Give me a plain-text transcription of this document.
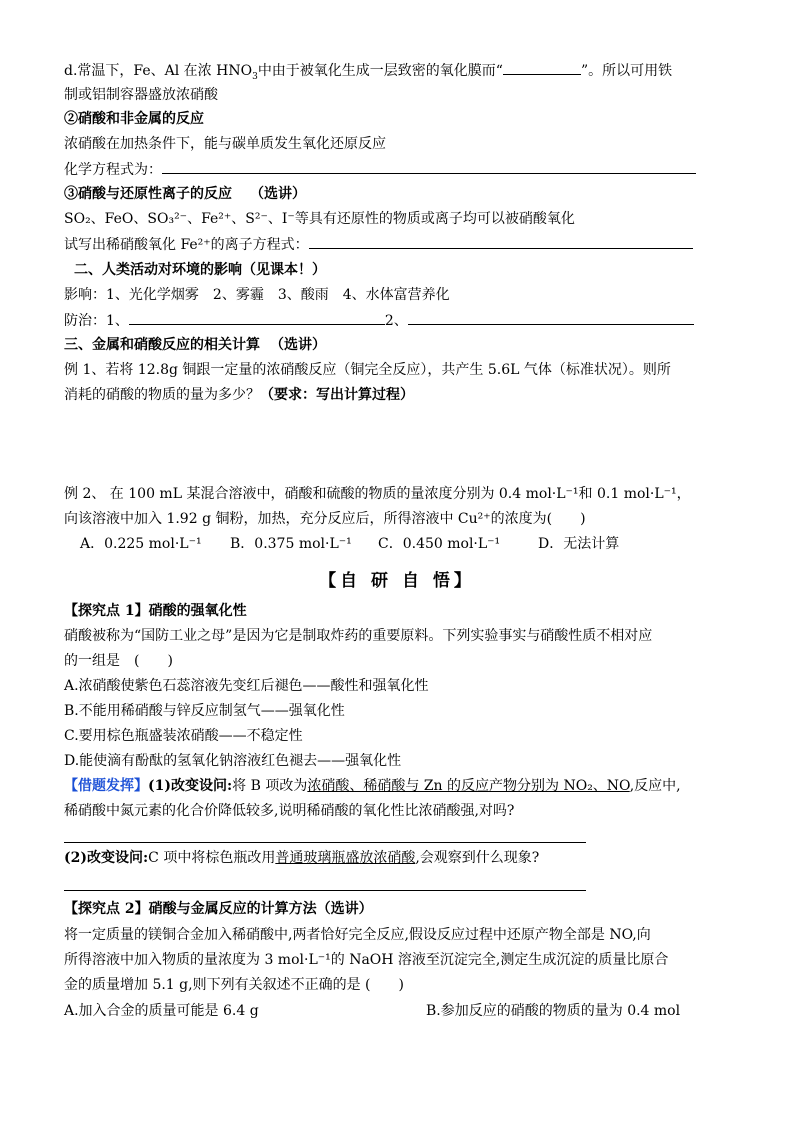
d.常温下，Fe、Al 在浓 $HNO_3$中由于被氧化生成一层致密的氧化膜而“	”。所以可用铁
制或铝制容器盛放浓硝酸
②硝酸和非金属的反应
浓硝酸在加热条件下，能与碳单质发生氧化还原反应
化学方程式为：
③硝酸与还原性离子的反应 （选讲）
SO₂、FeO、SO₃²⁻、Fe²⁺、S²⁻、I⁻等具有还原性的物质或离子均可以被硝酸氧化
试写出稀硝酸氧化 Fe²⁺的离子方程式：
二、人类活动对环境的影响（见课本！）
影响：1、光化学烟雾　2、雾霾　3、酸雨　4、水体富营养化
防治：1、	2、
三、金属和硝酸反应的相关计算 （选讲）
例 1、若将 12.8g 铜跟一定量的浓硝酸反应（铜完全反应），共产生 5.6L 气体（标准状况）。则所
消耗的硝酸的物质的量为多少？（要求：写出计算过程）
例 2、 在 100 mL 某混合溶液中，硝酸和硫酸的物质的量浓度分别为 0.4 mol·L⁻¹和 0.1 mol·L⁻¹，
向该溶液中加入 1.92 g 铜粉，加热，充分反应后，所得溶液中 Cu²⁺的浓度为(　　)
A．0.225 mol·L⁻¹ B．0.375 mol·L⁻¹ C．0.450 mol·L⁻¹	D．无法计算
【自 研 自 悟】
【探究点 1】硝酸的强氧化性
硝酸被称为“国防工业之母”是因为它是制取炸药的重要原料。下列实验事实与硝酸性质不相对应
的一组是　(　　)
A.浓硝酸使紫色石蕊溶液先变红后褪色——酸性和强氧化性
B.不能用稀硝酸与锌反应制氢气——强氧化性
C.要用棕色瓶盛装浓硝酸——不稳定性
D.能使滴有酚酞的氢氧化钠溶液红色褪去——强氧化性
【借题发挥】(1)改变设问:将 B 项改为浓硝酸、稀硝酸与 Zn 的反应产物分别为 NO₂、NO,反应中,
稀硝酸中氮元素的化合价降低较多,说明稀硝酸的氧化性比浓硝酸强,对吗?
(2)改变设问:C 项中将棕色瓶改用普通玻璃瓶盛放浓硝酸,会观察到什么现象?
【探究点 2】硝酸与金属反应的计算方法（选讲）
将一定质量的镁铜合金加入稀硝酸中,两者恰好完全反应,假设反应过程中还原产物全部是 NO,向
所得溶液中加入物质的量浓度为 3 mol·L⁻¹的 NaOH 溶液至沉淀完全,测定生成沉淀的质量比原合
金的质量增加 5.1 g,则下列有关叙述不正确的是 (　　)
A.加入合金的质量可能是 6.4 g	B.参加反应的硝酸的物质的量为 0.4 mol
